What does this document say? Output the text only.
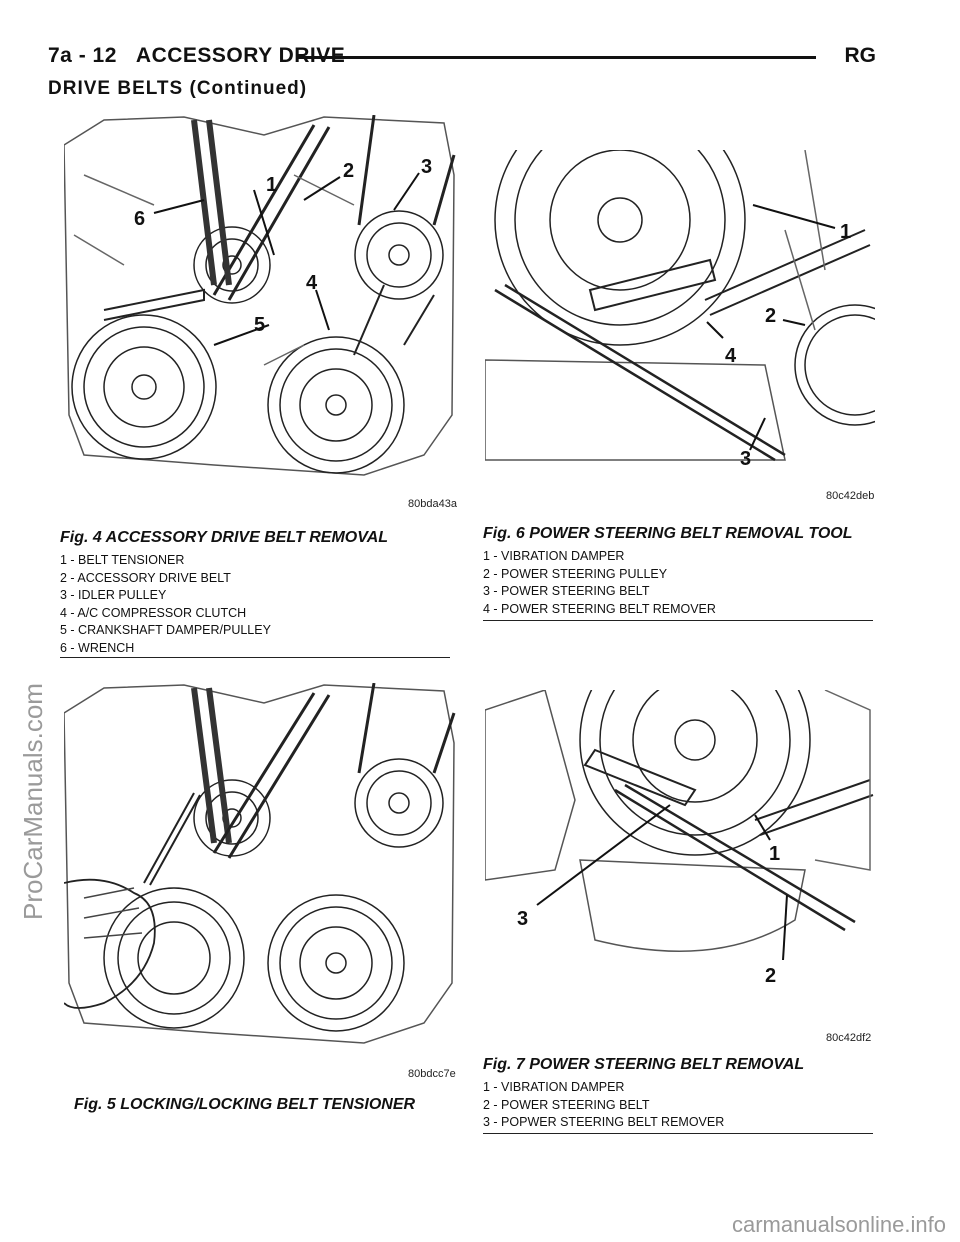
7a - 12 ACCESSORY DRIVE	RG
DRIVE BELTS (Continued)
1
2	3
4
5
6
80bda43a
Fig. 4 ACCESSORY DRIVE BELT REMOVAL
1 - BELT TENSIONER
2 - ACCESSORY DRIVE BELT
3 - IDLER PULLEY
4 - A/C COMPRESSOR CLUTCH
5 - CRANKSHAFT DAMPER/PULLEY
6 - WRENCH
1
2
3
4
80c42deb
Fig. 6 POWER STEERING BELT REMOVAL TOOL
1 - VIBRATION DAMPER
2 - POWER STEERING PULLEY
3 - POWER STEERING BELT
4 - POWER STEERING BELT REMOVER
80bdcc7e
Fig. 5 LOCKING/LOCKING BELT TENSIONER
1
2
3
80c42df2
Fig. 7 POWER STEERING BELT REMOVAL
1 - VIBRATION DAMPER
2 - POWER STEERING BELT
3 - POPWER STEERING BELT REMOVER
ProCarManuals.com
carmanualsonline.info
